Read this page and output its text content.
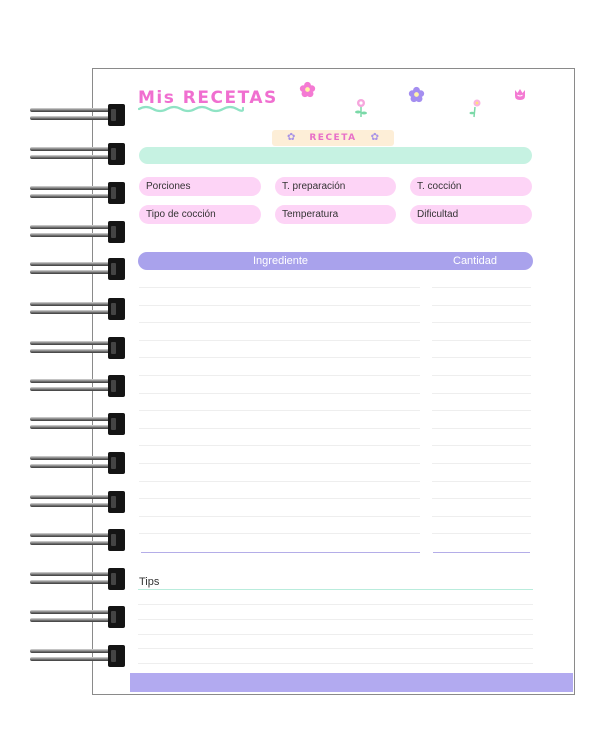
Mis RECETAS
✿ RECETA ✿
Porciones	T. preparación	T. cocción
Tipo de cocción	Temperatura	Dificultad
Ingrediente	Cantidad
Tips
